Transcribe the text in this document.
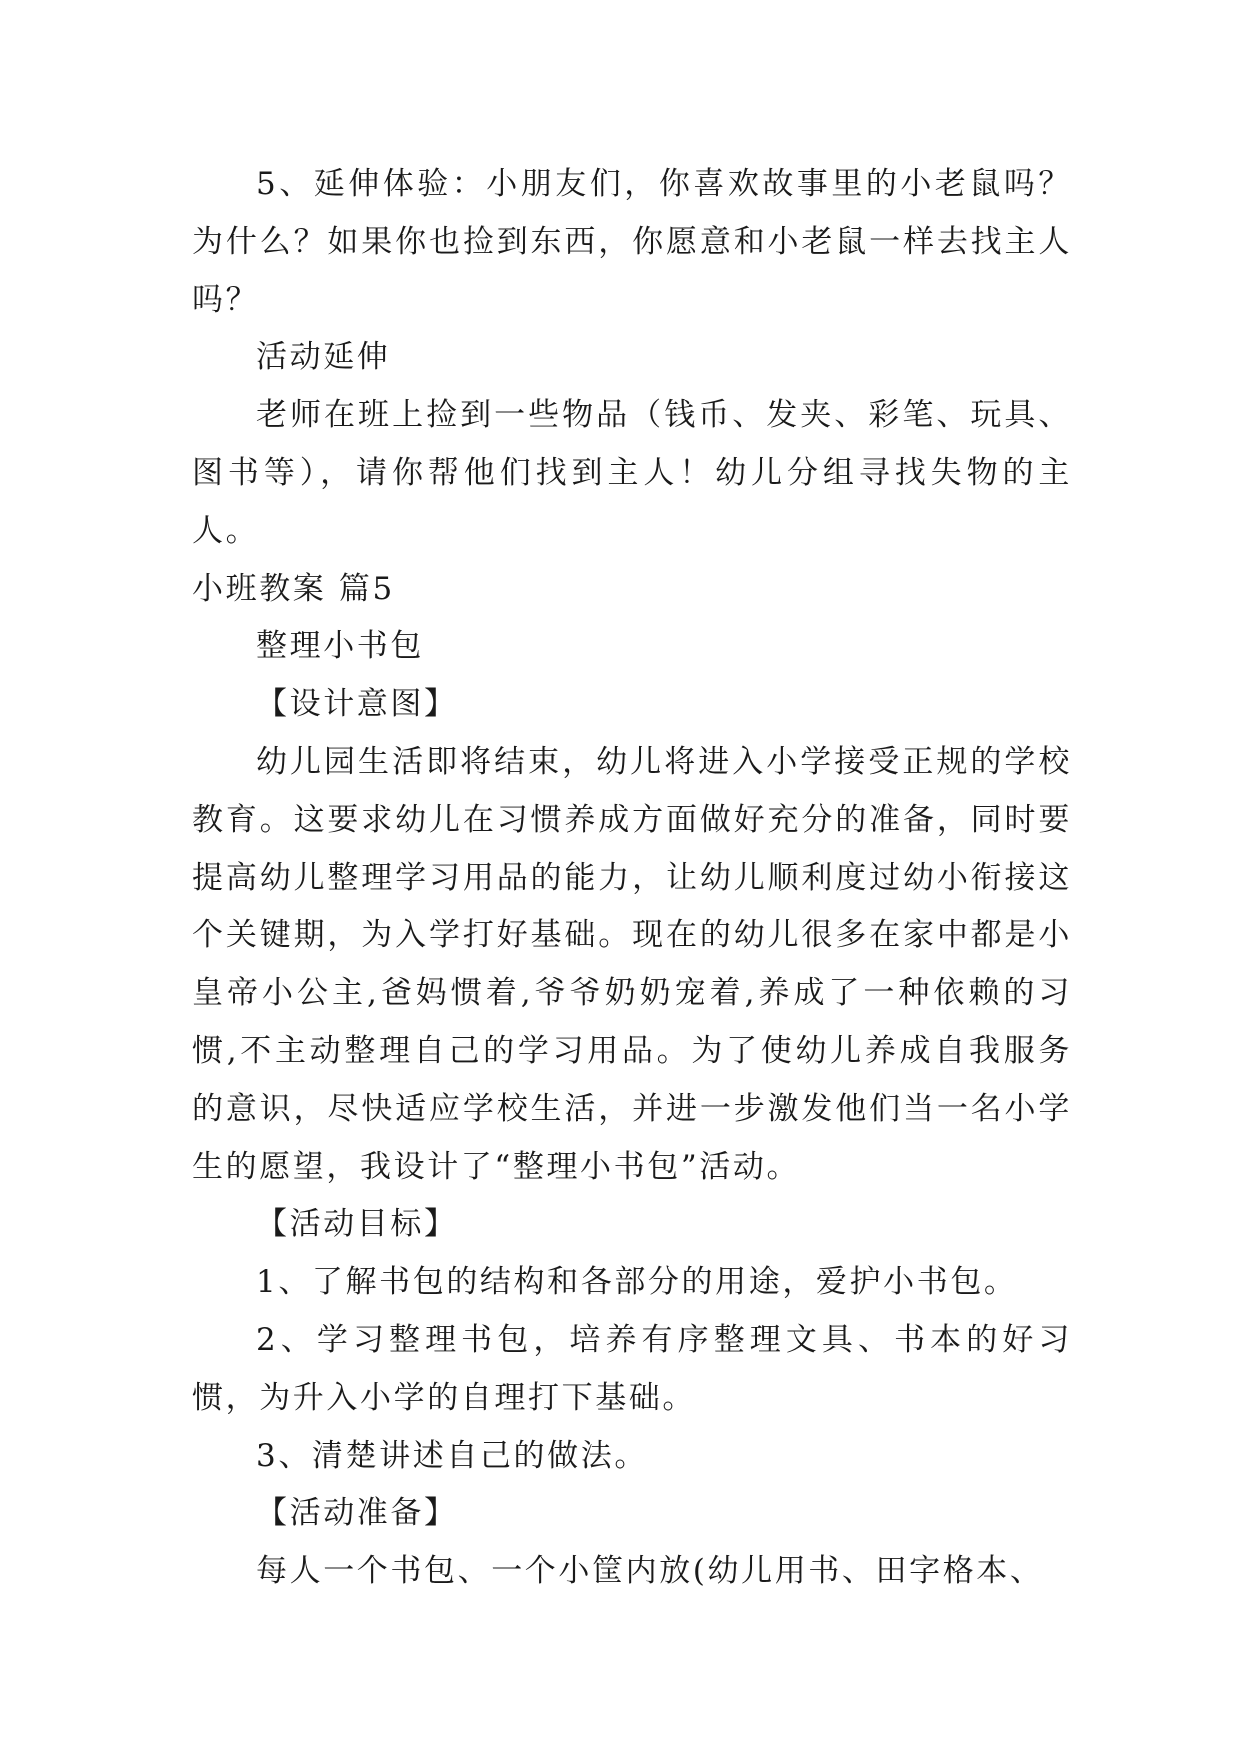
5、延伸体验：小朋友们，你喜欢故事里的小老鼠吗？为什么？如果你也捡到东西，你愿意和小老鼠一样去找主人吗？

活动延伸

老师在班上捡到一些物品（钱币、发夹、彩笔、玩具、图书等），请你帮他们找到主人！幼儿分组寻找失物的主人。

小班教案 篇5

整理小书包

【设计意图】

幼儿园生活即将结束，幼儿将进入小学接受正规的学校教育。这要求幼儿在习惯养成方面做好充分的准备，同时要提高幼儿整理学习用品的能力，让幼儿顺利度过幼小衔接这个关键期，为入学打好基础。现在的幼儿很多在家中都是小皇帝小公主,爸妈惯着,爷爷奶奶宠着,养成了一种依赖的习惯,不主动整理自己的学习用品。为了使幼儿养成自我服务的意识，尽快适应学校生活，并进一步激发他们当一名小学生的愿望，我设计了“整理小书包”活动。

【活动目标】

1、了解书包的结构和各部分的用途，爱护小书包。

2、学习整理书包，培养有序整理文具、书本的好习惯，为升入小学的自理打下基础。

3、清楚讲述自己的做法。

【活动准备】

每人一个书包、一个小筐内放(幼儿用书、田字格本、
